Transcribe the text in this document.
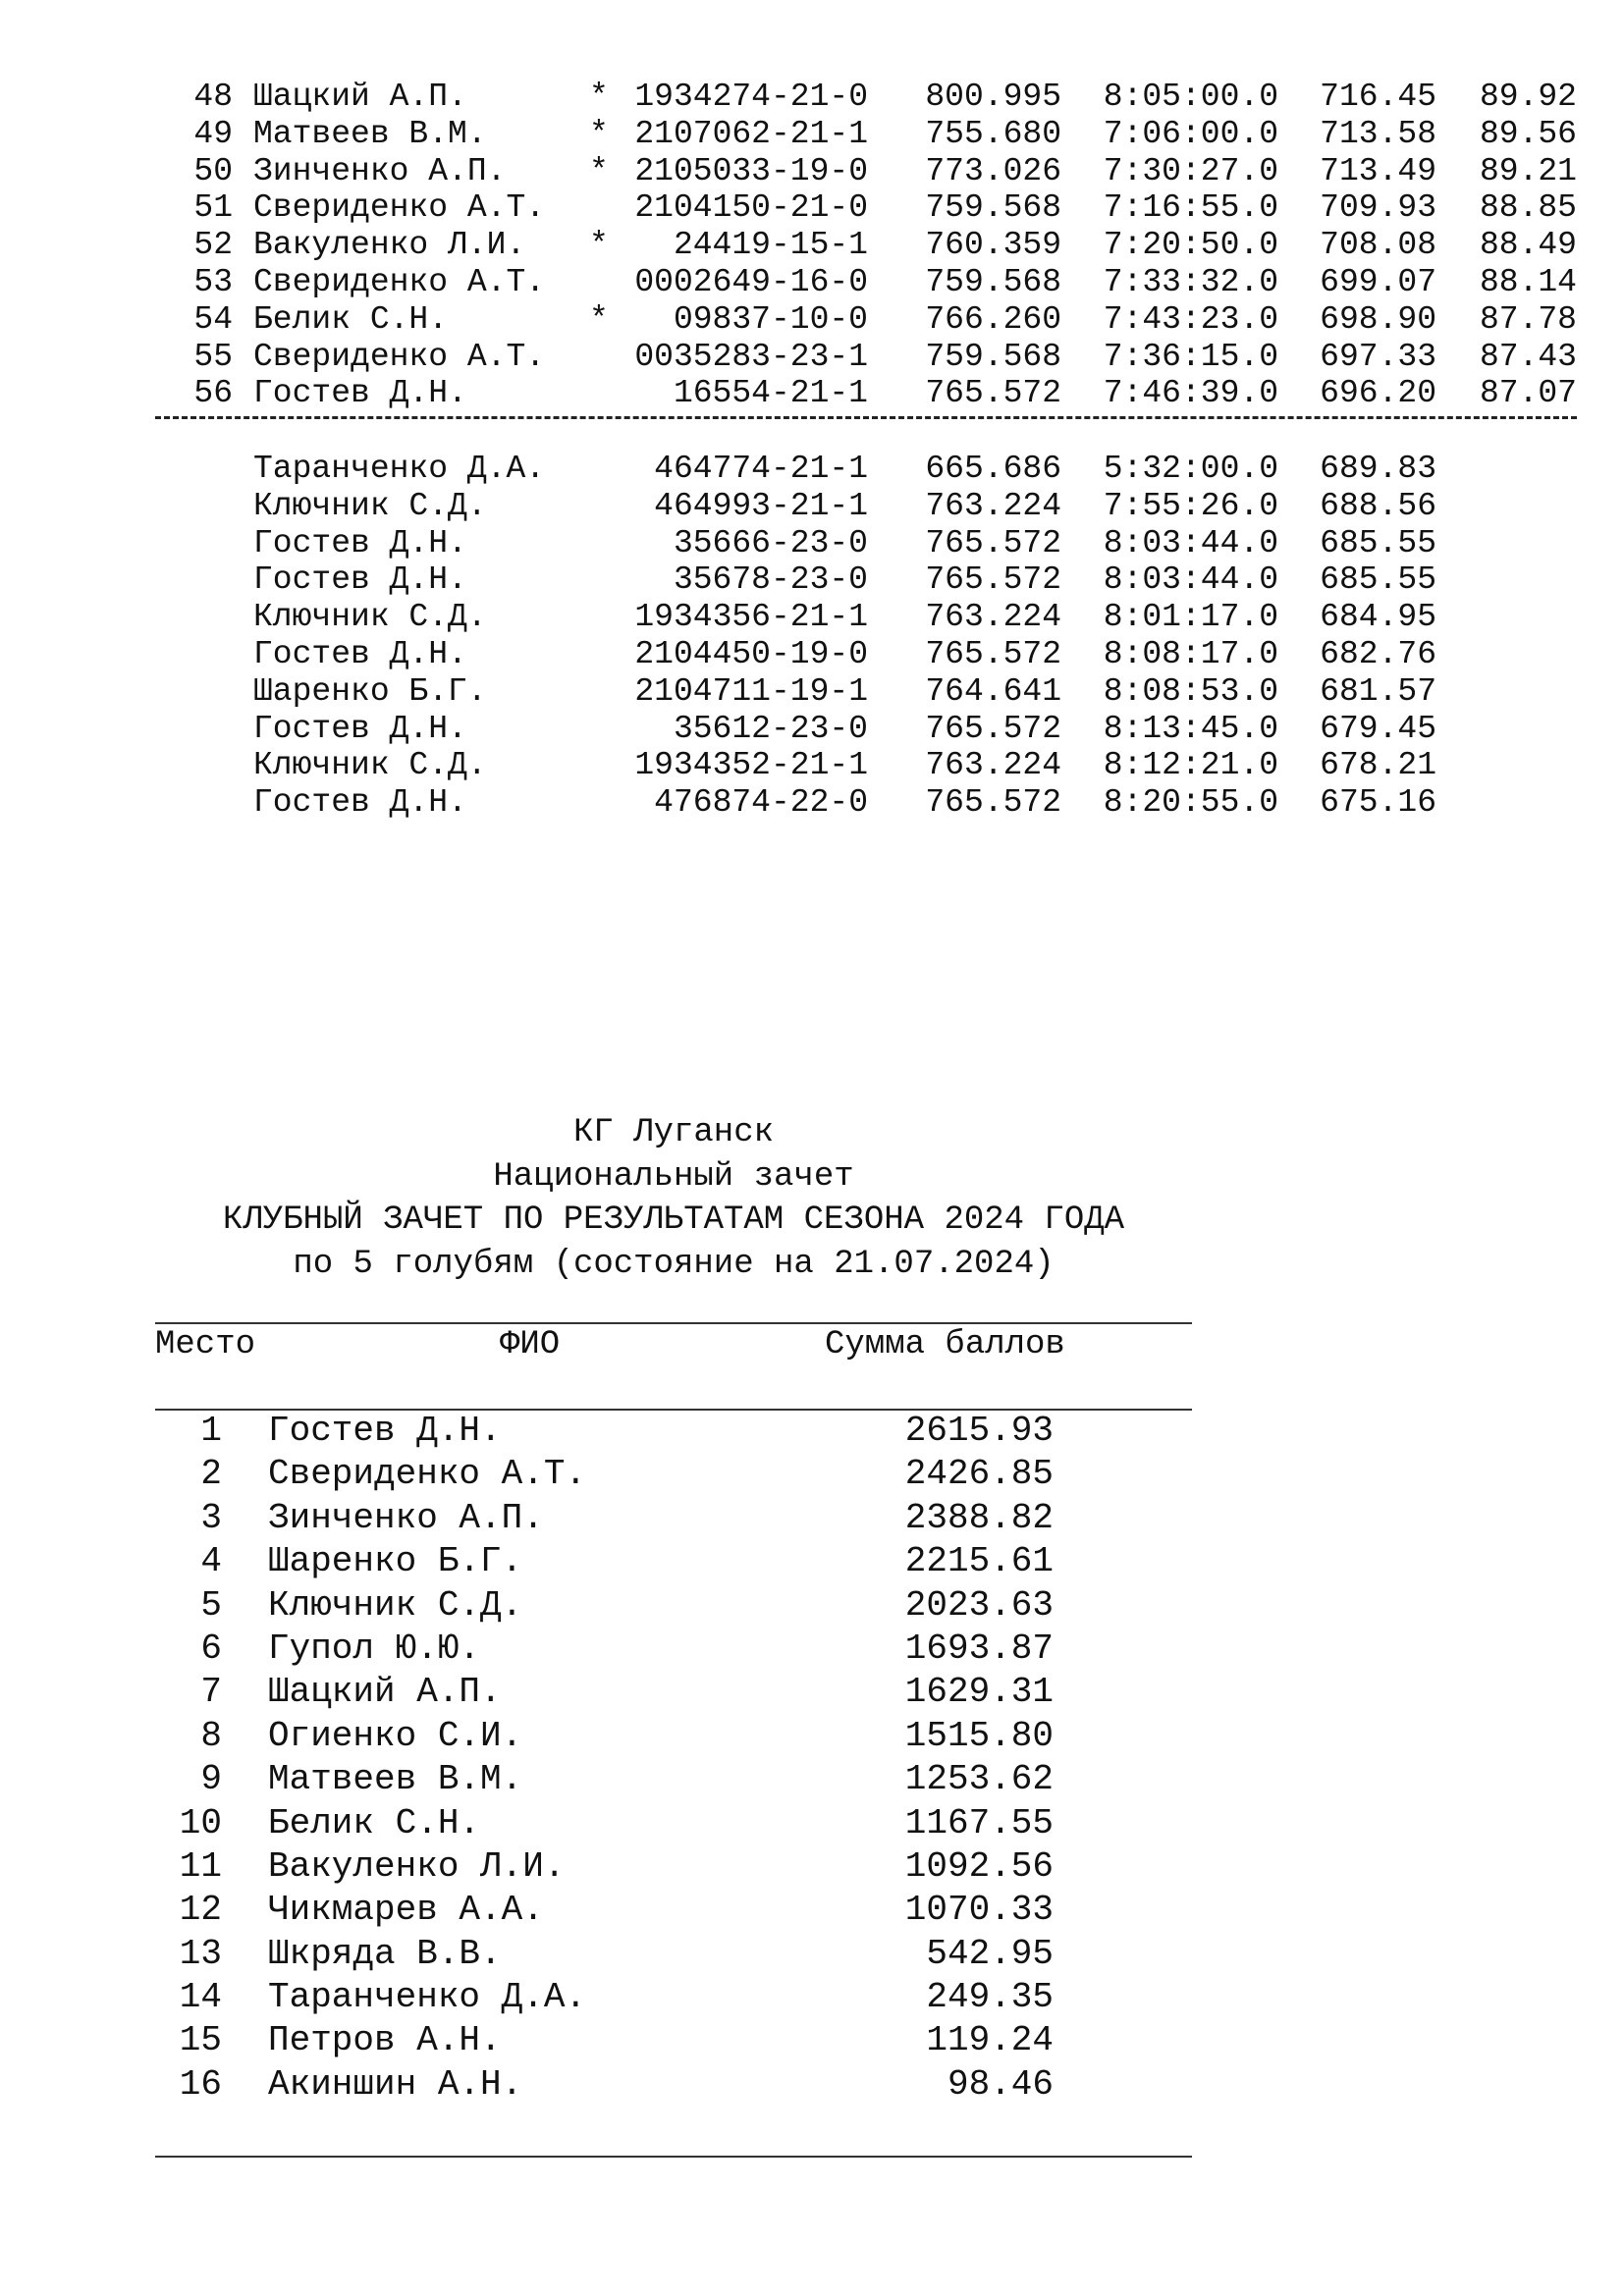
48 Шацкий А.П.	* 1934274-21-0 800.995 8:05:00.0 716.45 89.92
49 Матвеев В.М.	* 2107062-21-1 755.680 7:06:00.0 713.58 89.56
50 Зинченко А.П.	* 2105033-19-0 773.026 7:30:27.0 713.49 89.21
51 Свериденко А.Т.	2104150-21-0 759.568 7:16:55.0 709.93 88.85
52 Вакуленко Л.И. * 24419-15-1 760.359 7:20:50.0 708.08 88.49
53 Свериденко А.Т.	0002649-16-0 759.568 7:33:32.0 699.07 88.14
54 Белик С.Н.	* 09837-10-0 766.260 7:43:23.0 698.90 87.78
55 Свериденко А.Т.	0035283-23-1 759.568 7:36:15.0 697.33 87.43
56 Гостев Д.Н.	16554-21-1 765.572 7:46:39.0 696.20 87.07
Таранченко Д.А.	464774-21-1 665.686 5:32:00.0 689.83
Ключник С.Д.	464993-21-1 763.224 7:55:26.0 688.56
Гостев Д.Н.	35666-23-0 765.572 8:03:44.0 685.55
Гостев Д.Н.	35678-23-0 765.572 8:03:44.0 685.55
Ключник С.Д.	1934356-21-1 763.224 8:01:17.0 684.95
Гостев Д.Н.	2104450-19-0 765.572 8:08:17.0 682.76
Шаренко Б.Г.	2104711-19-1 764.641 8:08:53.0 681.57
Гостев Д.Н.	35612-23-0 765.572 8:13:45.0 679.45
Ключник С.Д.	1934352-21-1 763.224 8:12:21.0 678.21
Гостев Д.Н.	476874-22-0 765.572 8:20:55.0 675.16
КГ Луганск
Национальный зачет
КЛУБНЫЙ ЗАЧЕТ ПО РЕЗУЛЬТАТАМ СЕЗОНА 2024 ГОДА
по 5 голубям (состояние на 21.07.2024)
Место	ФИО	Сумма баллов
1 Гостев Д.Н.	2615.93
2 Свериденко А.Т.	2426.85
3 Зинченко А.П.	2388.82
4 Шаренко Б.Г.	2215.61
5 Ключник С.Д.	2023.63
6 Гупол Ю.Ю.	1693.87
7 Шацкий А.П.	1629.31
8 Огиенко С.И.	1515.80
9 Матвеев В.М.	1253.62
10 Белик С.Н.	1167.55
11 Вакуленко Л.И.	1092.56
12 Чикмарев А.А.	1070.33
13 Шкряда В.В.	542.95
14 Таранченко Д.А.	249.35
15 Петров А.Н.	119.24
16 Акиншин А.Н.	98.46
